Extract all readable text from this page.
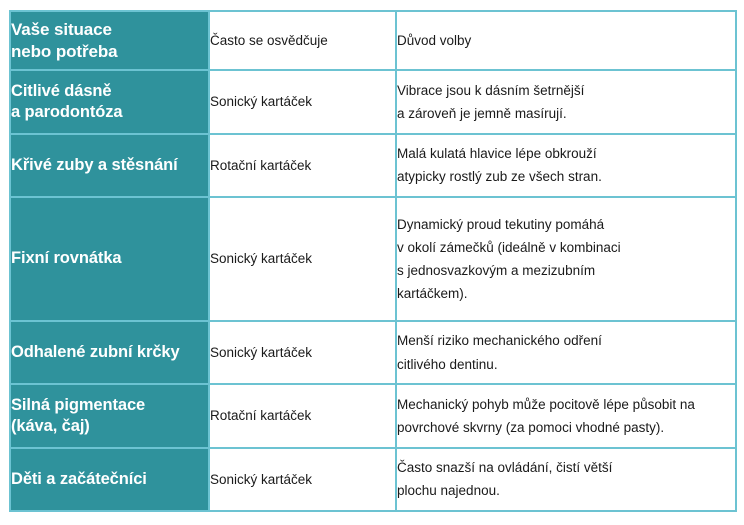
Vaše situace
nebo potřeba	Často se osvědčuje	Důvod volby

Citlivé dásně
a parodontóza	Sonický kartáček	Vibrace jsou k dásním šetrnější
a zároveň je jemně masírují.

Křivé zuby a stěsnání	Rotační kartáček	Malá kulatá hlavice lépe obkrouží
atypicky rostlý zub ze všech stran.

Fixní rovnátka	Sonický kartáček	Dynamický proud tekutiny pomáhá
v okolí zámečků (ideálně v kombinaci
s jednosvazkovým a mezizubním
kartáčkem).

Odhalené zubní krčky	Sonický kartáček	Menší riziko mechanického odření
citlivého dentinu.

Silná pigmentace
(káva, čaj)	Rotační kartáček	Mechanický pohyb může pocitově lépe působit na
povrchové skvrny (za pomoci vhodné pasty).

Děti a začátečníci	Sonický kartáček	Často snazší na ovládání, čistí větší
plochu najednou.
